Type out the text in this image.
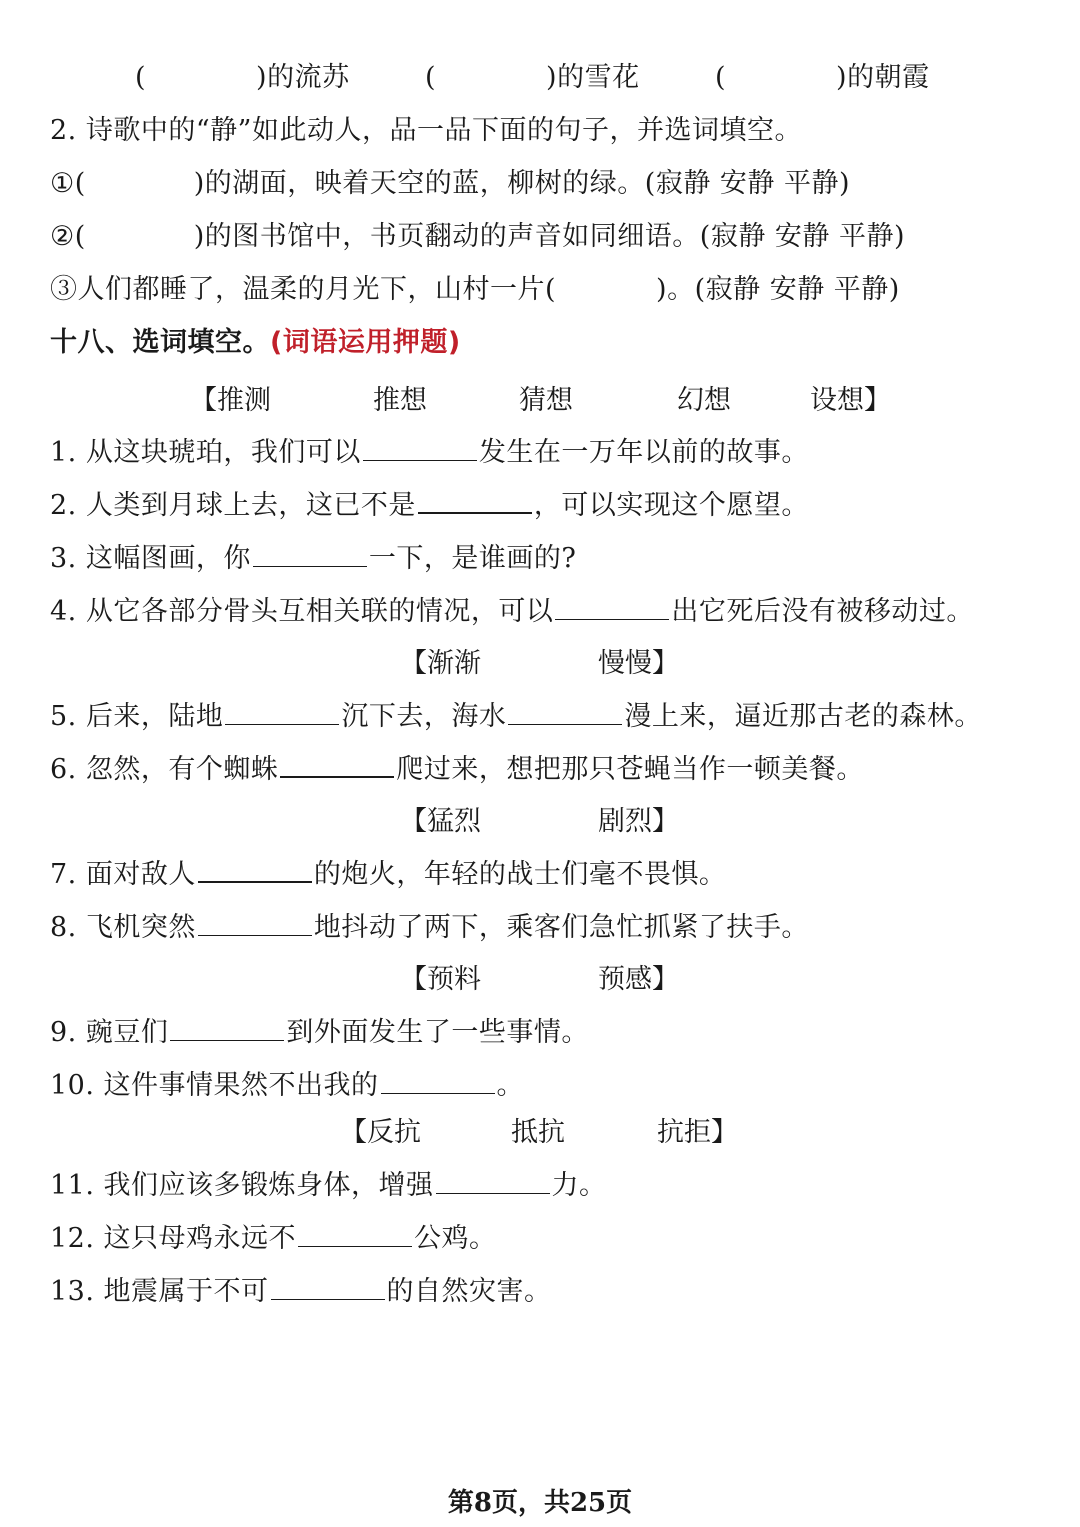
(	)的流苏	(	)的雪花	(	)的朝霞
2. 诗歌中的“静”如此动人，品一品下面的句子，并选词填空。
①(	)的湖面，映着天空的蓝，柳树的绿。(寂静 安静 平静)
②(	)的图书馆中，书页翻动的声音如同细语。(寂静 安静 平静)
③人们都睡了，温柔的月光下，山村一片(	)。(寂静 安静 平静)
十八、选词填空。(词语运用押题)
【推测	推想	猜想	幻想	设想】
1. 从这块琥珀，我们可以	发生在一万年以前的故事。
2. 人类到月球上去，这已不是	，可以实现这个愿望。
3. 这幅图画，你	一下，是谁画的?
4. 从它各部分骨头互相关联的情况，可以	出它死后没有被移动过。
【渐渐	慢慢】
5. 后来，陆地	沉下去，海水	漫上来，逼近那古老的森林。
6. 忽然，有个蜘蛛	爬过来，想把那只苍蝇当作一顿美餐。
【猛烈	剧烈】
7. 面对敌人	的炮火，年轻的战士们毫不畏惧。
8. 飞机突然	地抖动了两下，乘客们急忙抓紧了扶手。
【预料	预感】
9. 豌豆们	到外面发生了一些事情。
10. 这件事情果然不出我的	。
【反抗	抵抗	抗拒】
11. 我们应该多锻炼身体，增强	力。
12. 这只母鸡永远不	公鸡。
13. 地震属于不可	的自然灾害。
第8页，共25页
